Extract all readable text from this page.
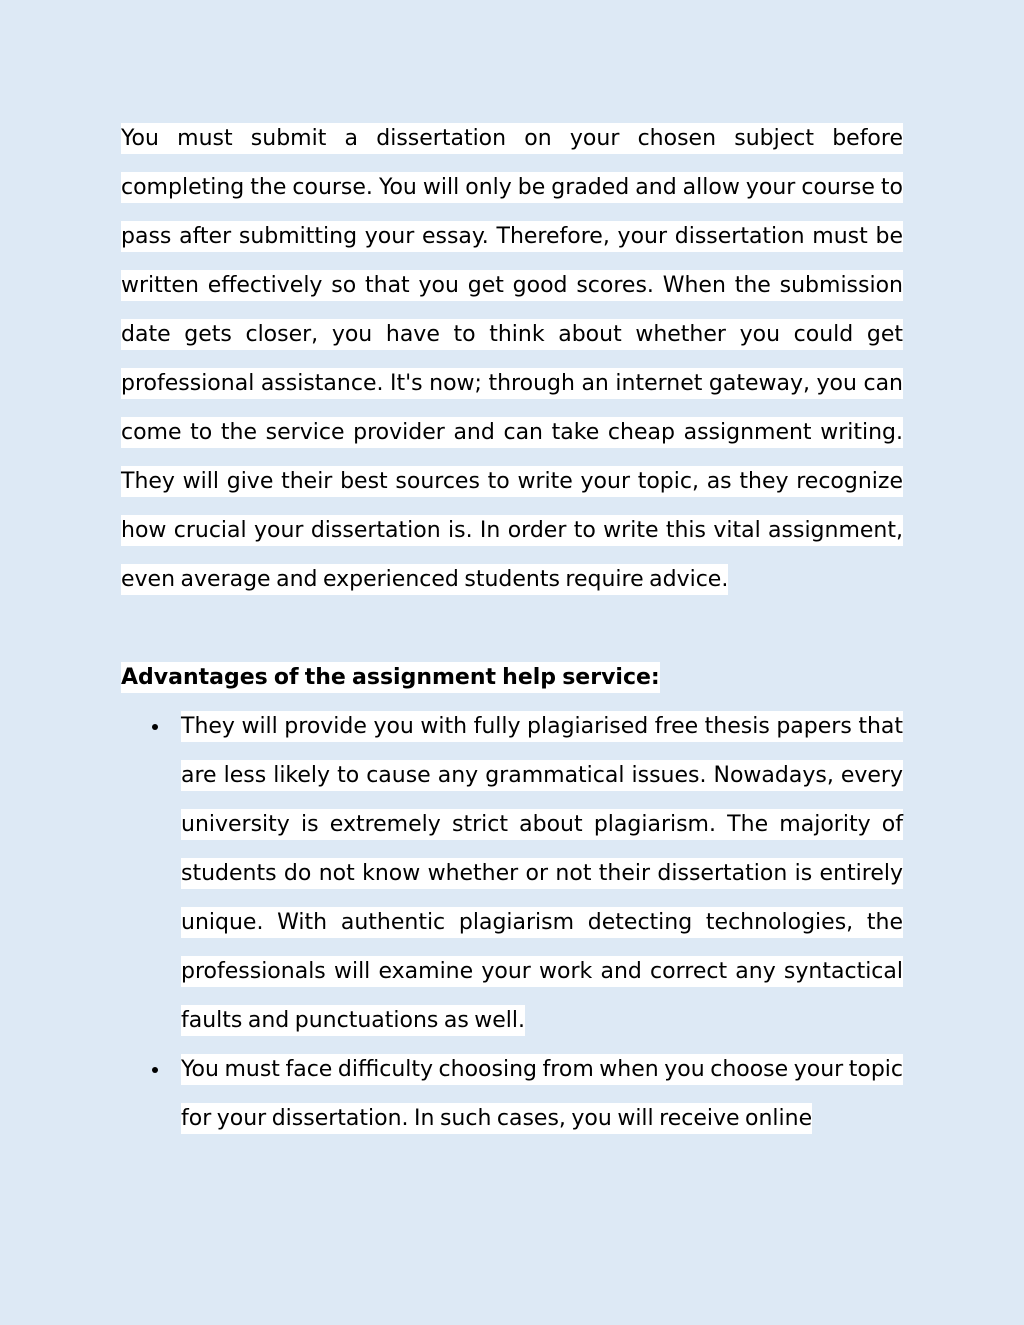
You must submit a dissertation on your chosen subject before completing the course. You will only be graded and allow your course to pass after submitting your essay. Therefore, your dissertation must be written effectively so that you get good scores. When the submission date gets closer, you have to think about whether you could get professional assistance. It's now; through an internet gateway, you can come to the service provider and can take cheap assignment writing. They will give their best sources to write your topic, as they recognize how crucial your dissertation is. In order to write this vital assignment, even average and experienced students require advice.

Advantages of the assignment help service:
They will provide you with fully plagiarised free thesis papers that are less likely to cause any grammatical issues. Nowadays, every university is extremely strict about plagiarism. The majority of students do not know whether or not their dissertation is entirely unique. With authentic plagiarism detecting technologies, the professionals will examine your work and correct any syntactical faults and punctuations as well.
You must face difficulty choosing from when you choose your topic for your dissertation. In such cases, you will receive online
